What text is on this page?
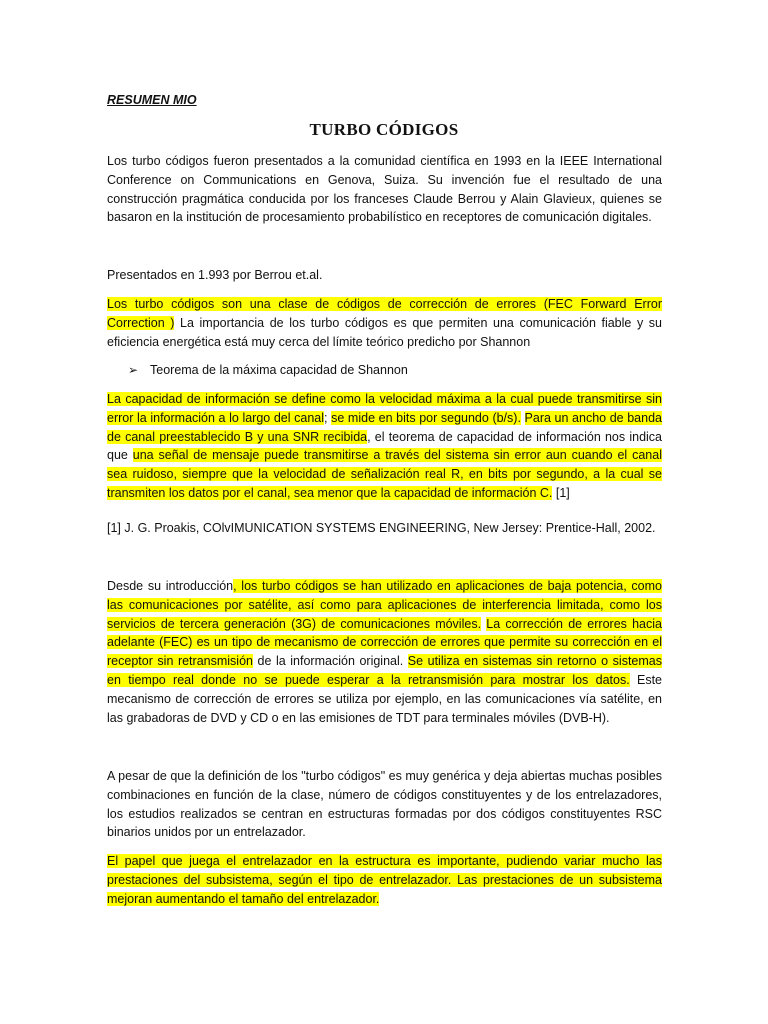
RESUMEN MIO
TURBO CÓDIGOS

Los turbo códigos fueron presentados a la comunidad científica en 1993 en la IEEE International Conference on Communications en Genova, Suiza. Su invención fue el resultado de una construcción pragmática conducida por los franceses Claude Berrou y Alain Glavieux, quienes se basaron en la institución de procesamiento probabilístico en receptores de comunicación digitales.

Presentados en 1.993 por Berrou et.al.

Los turbo códigos son una clase de códigos de corrección de errores (FEC Forward Error Correction ) La importancia de los turbo códigos es que permiten una comunicación fiable y su eficiencia energética está muy cerca del límite teórico predicho por Shannon

➢ Teorema de la máxima capacidad de Shannon

La capacidad de información se define como la velocidad máxima a la cual puede transmitirse sin error la información a lo largo del canal; se mide en bits por segundo (b/s). Para un ancho de banda de canal preestablecido B y una SNR recibida, el teorema de capacidad de información nos indica que una señal de mensaje puede transmitirse a través del sistema sin error aun cuando el canal sea ruidoso, siempre que la velocidad de señalización real R, en bits por segundo, a la cual se transmiten los datos por el canal, sea menor que la capacidad de información C. [1]

[1] J. G. Proakis, COlvIMUNICATION SYSTEMS ENGINEERING, New Jersey: Prentice-Hall, 2002.

Desde su introducción, los turbo códigos se han utilizado en aplicaciones de baja potencia, como las comunicaciones por satélite, así como para aplicaciones de interferencia limitada, como los servicios de tercera generación (3G) de comunicaciones móviles. La corrección de errores hacia adelante (FEC) es un tipo de mecanismo de corrección de errores que permite su corrección en el receptor sin retransmisión de la información original. Se utiliza en sistemas sin retorno o sistemas en tiempo real donde no se puede esperar a la retransmisión para mostrar los datos. Este mecanismo de corrección de errores se utiliza por ejemplo, en las comunicaciones vía satélite, en las grabadoras de DVD y CD o en las emisiones de TDT para terminales móviles (DVB-H).

A pesar de que la definición de los "turbo códigos" es muy genérica y deja abiertas muchas posibles combinaciones en función de la clase, número de códigos constituyentes y de los entrelazadores, los estudios realizados se centran en estructuras formadas por dos códigos constituyentes RSC binarios unidos por un entrelazador.

El papel que juega el entrelazador en la estructura es importante, pudiendo variar mucho las prestaciones del subsistema, según el tipo de entrelazador. Las prestaciones de un subsistema mejoran aumentando el tamaño del entrelazador.
